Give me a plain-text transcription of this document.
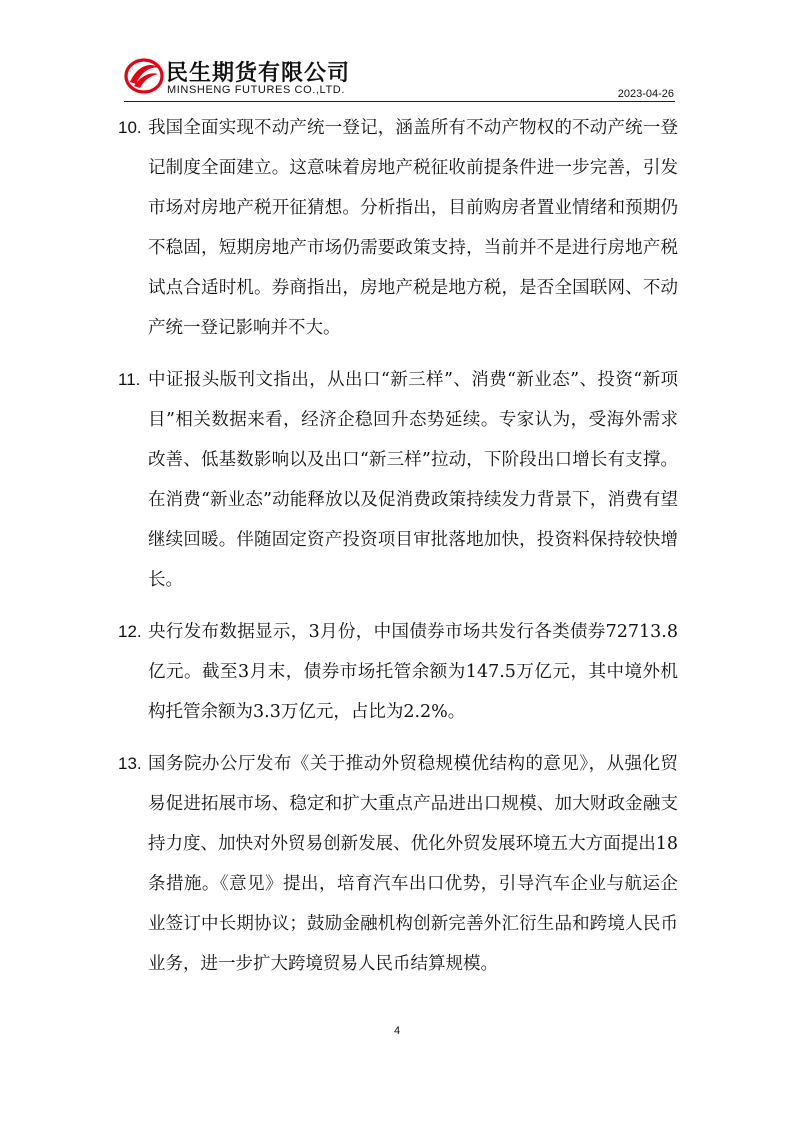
民生期货有限公司
MINSHENG FUTURES CO.,LTD.	2023-04-26
10. 我国全面实现不动产统一登记，涵盖所有不动产物权的不动产统一登记制度全面建立。这意味着房地产税征收前提条件进一步完善，引发市场对房地产税开征猜想。分析指出，目前购房者置业情绪和预期仍不稳固，短期房地产市场仍需要政策支持，当前并不是进行房地产税试点合适时机。券商指出，房地产税是地方税，是否全国联网、不动产统一登记影响并不大。
11. 中证报头版刊文指出，从出口“新三样”、消费“新业态”、投资“新项目”相关数据来看，经济企稳回升态势延续。专家认为，受海外需求改善、低基数影响以及出口“新三样”拉动，下阶段出口增长有支撑。在消费“新业态”动能释放以及促消费政策持续发力背景下，消费有望继续回暖。伴随固定资产投资项目审批落地加快，投资料保持较快增长。
12. 央行发布数据显示，3月份，中国债券市场共发行各类债券72713.8亿元。截至3月末，债券市场托管余额为147.5万亿元，其中境外机构托管余额为3.3万亿元，占比为2.2%。
13. 国务院办公厅发布《关于推动外贸稳规模优结构的意见》，从强化贸易促进拓展市场、稳定和扩大重点产品进出口规模、加大财政金融支持力度、加快对外贸易创新发展、优化外贸发展环境五大方面提出18条措施。《意见》提出，培育汽车出口优势，引导汽车企业与航运企业签订中长期协议；鼓励金融机构创新完善外汇衍生品和跨境人民币业务，进一步扩大跨境贸易人民币结算规模。
4
